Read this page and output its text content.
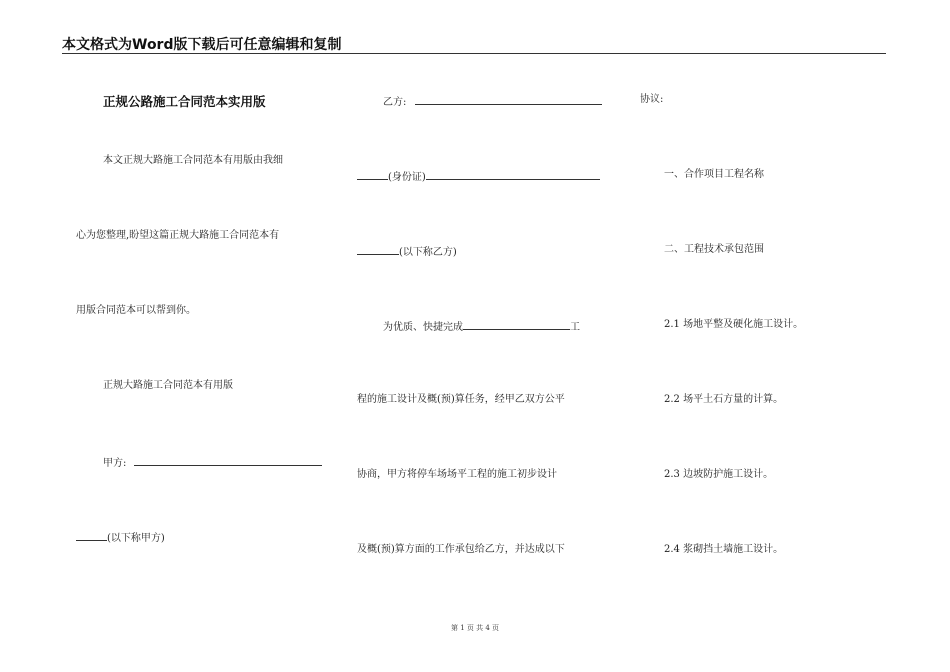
本文格式为Word版下载后可任意编辑和复制
正规公路施工合同范本实用版
本文正规大路施工合同范本有用版由我细
心为您整理,盼望这篇正规大路施工合同范本有
用版合同范本可以帮到你。
正规大路施工合同范本有用版
甲方:
(以下称甲方)
乙方:
(身份证)
(以下称乙方)
为优质、快捷完成	工
程的施工设计及概(预)算任务，经甲乙双方公平
协商，甲方将停车场场平工程的施工初步设计
及概(预)算方面的工作承包给乙方，并达成以下
协议:
一、合作项目工程名称
二、工程技术承包范围
2.1 场地平整及硬化施工设计。
2.2 场平土石方量的计算。
2.3 边坡防护施工设计。
2.4 浆砌挡土墙施工设计。
第 1 页 共 4 页
